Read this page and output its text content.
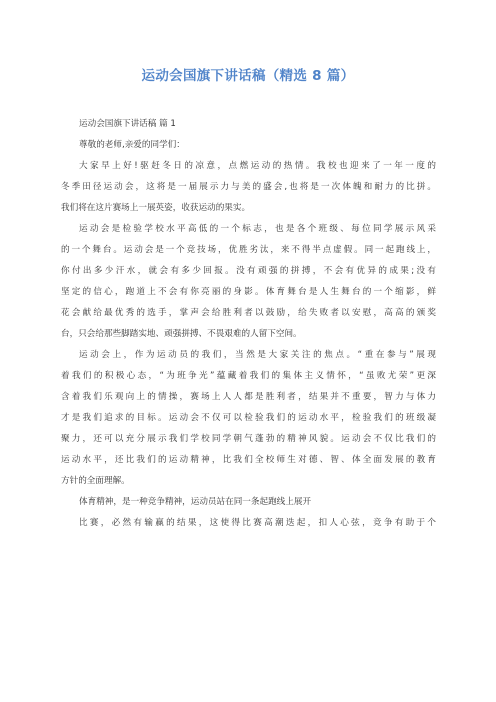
运动会国旗下讲话稿（精选 8 篇）
运动会国旗下讲话稿 篇 1
尊敬的老师,亲爱的同学们：
大家早上好!驱赶冬日的凉意，点燃运动的热情。我校也迎来了一年一度的
冬季田径运动会，这将是一届展示力与美的盛会,也将是一次体魄和耐力的比拼。
我们将在这片赛场上一展英姿，收获运动的果实。
运动会是检验学校水平高低的一个标志，也是各个班级、每位同学展示风采
的一个舞台。运动会是一个竞技场，优胜劣汰，来不得半点虚假。同一起跑线上，
你付出多少汗水，就会有多少回报。没有顽强的拼搏，不会有优异的成果;没有
坚定的信心，跑道上不会有你亮丽的身影。体育舞台是人生舞台的一个缩影，鲜
花会献给最优秀的选手，掌声会给胜利者以鼓励，给失败者以安慰，高高的颁奖
台，只会给那些脚踏实地、顽强拼搏、不畏艰难的人留下空间。
运动会上，作为运动员的我们，当然是大家关注的焦点。“重在参与”展现
着我们的积极心态，“为班争光”蕴藏着我们的集体主义情怀，“虽败尤荣”更深
含着我们乐观向上的情操，赛场上人人都是胜利者，结果并不重要，智力与体力
才是我们追求的目标。运动会不仅可以检验我们的运动水平，检验我们的班级凝
聚力，还可以充分展示我们学校同学朝气蓬勃的精神风貌。运动会不仅比我们的
运动水平，还比我们的运动精神，比我们全校师生对德、智、体全面发展的教育
方针的全面理解。
体育精神，是一种竞争精神，运动员站在同一条起跑线上展开
比赛，必然有输赢的结果，这使得比赛高潮迭起，扣人心弦，竞争有助于个
